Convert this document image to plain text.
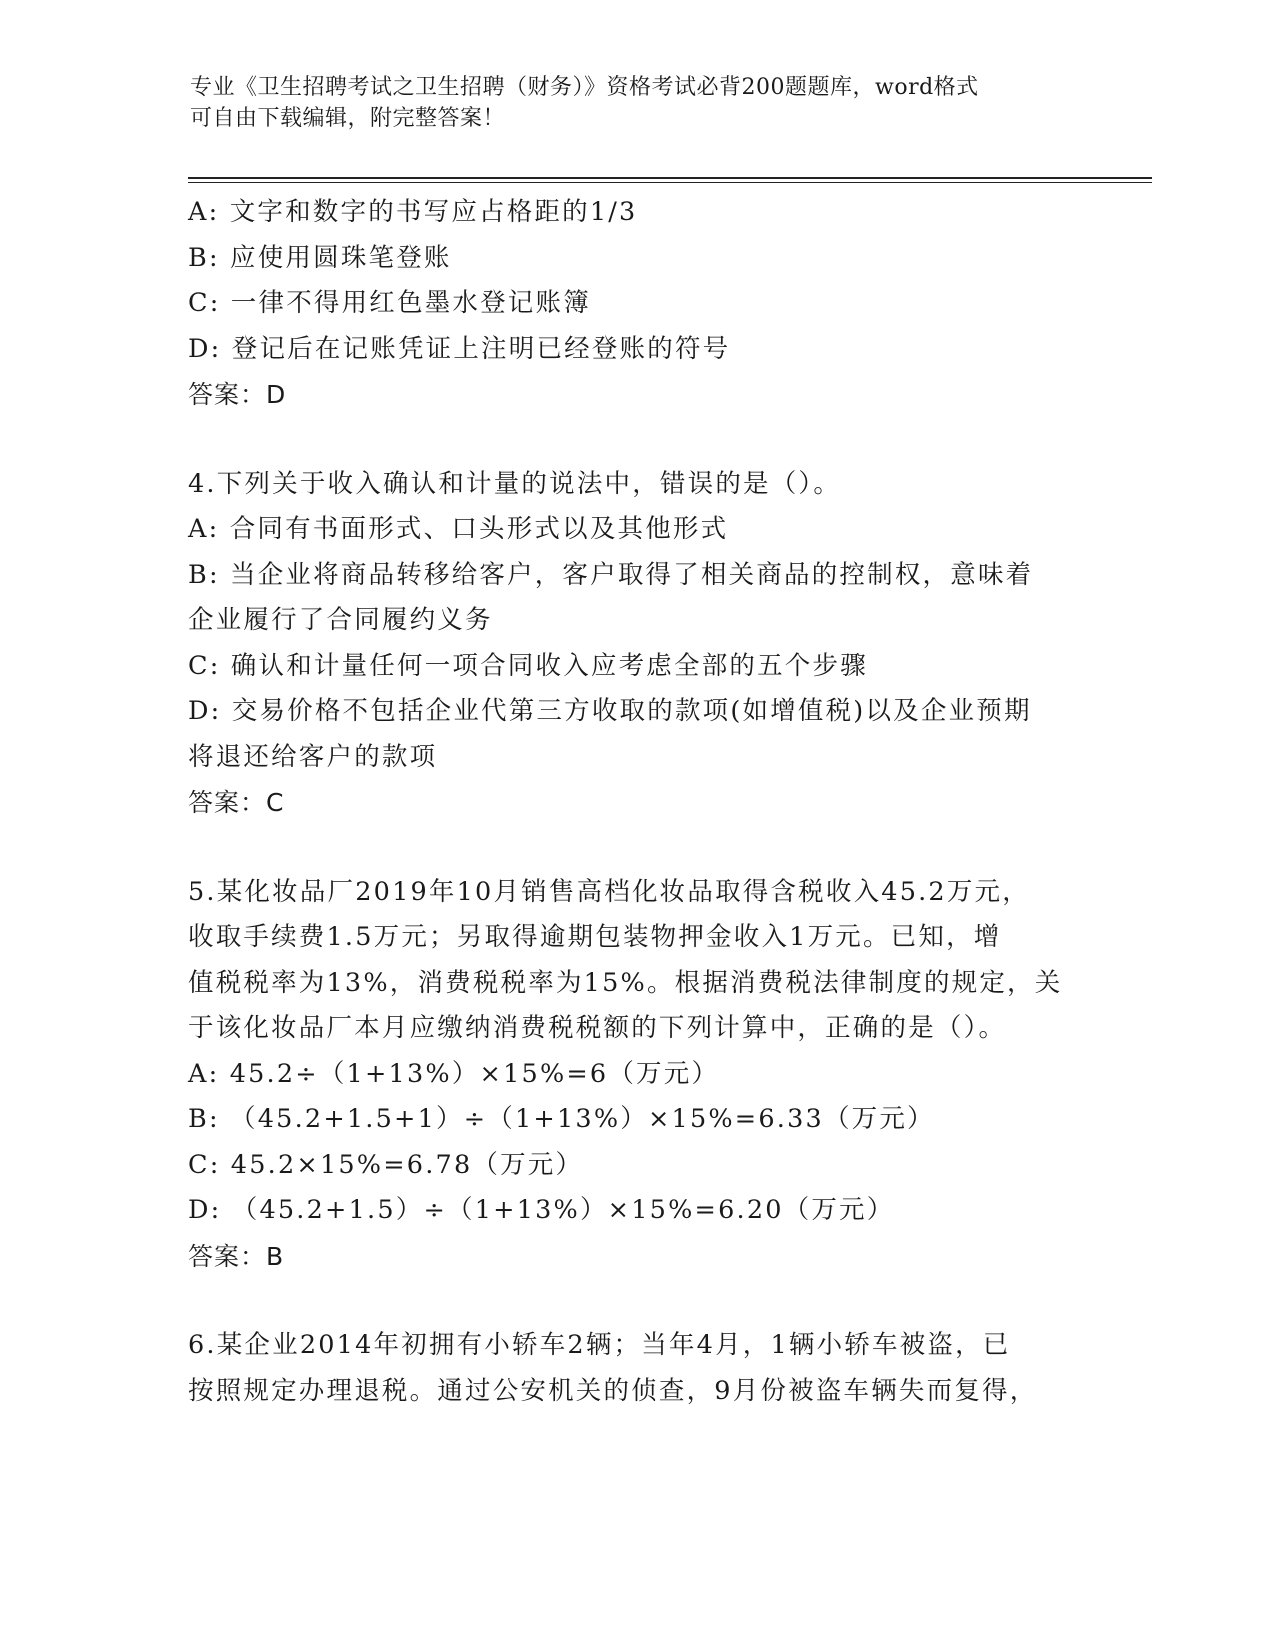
专业《卫生招聘考试之卫生招聘（财务）》资格考试必背200题题库，word格式
可自由下载编辑，附完整答案！
A: 文字和数字的书写应占格距的1/3
B: 应使用圆珠笔登账
C: 一律不得用红色墨水登记账簿
D: 登记后在记账凭证上注明已经登账的符号
答案：D
4.下列关于收入确认和计量的说法中，错误的是（）。
A: 合同有书面形式、口头形式以及其他形式
B: 当企业将商品转移给客户，客户取得了相关商品的控制权，意味着
企业履行了合同履约义务
C: 确认和计量任何一项合同收入应考虑全部的五个步骤
D: 交易价格不包括企业代第三方收取的款项(如增值税)以及企业预期
将退还给客户的款项
答案：C
5.某化妆品厂2019年10月销售高档化妆品取得含税收入45.2万元，
收取手续费1.5万元；另取得逾期包装物押金收入1万元。已知，增
值税税率为13%，消费税税率为15%。根据消费税法律制度的规定，关
于该化妆品厂本月应缴纳消费税税额的下列计算中，正确的是（）。
A: 45.2÷（1+13%）×15%=6（万元）
B: （45.2+1.5+1）÷（1+13%）×15%=6.33（万元）
C: 45.2×15%=6.78（万元）
D: （45.2+1.5）÷（1+13%）×15%=6.20（万元）
答案：B
6.某企业2014年初拥有小轿车2辆；当年4月，1辆小轿车被盗，已
按照规定办理退税。通过公安机关的侦查，9月份被盗车辆失而复得，
